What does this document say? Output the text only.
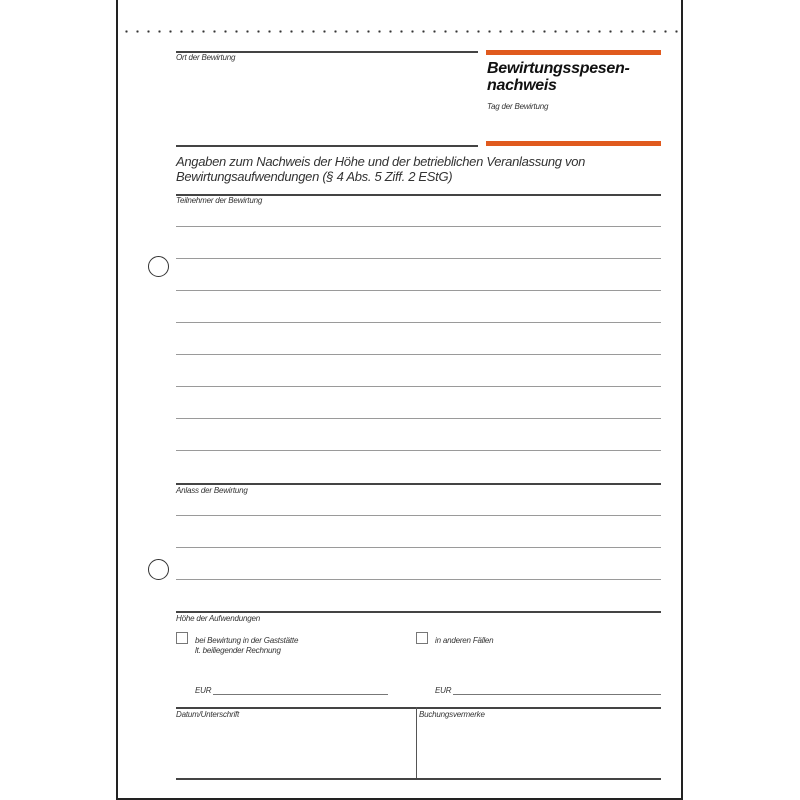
Ort der Bewirtung
Bewirtungsspesen-
nachweis
Tag der Bewirtung
Angaben zum Nachweis der Höhe und der betrieblichen Veranlassung von
Bewirtungsaufwendungen (§ 4 Abs. 5 Ziff. 2 EStG)
Teilnehmer der Bewirtung
Anlass der Bewirtung
Höhe der Aufwendungen
bei Bewirtung in der Gaststätte
lt. beiliegender Rechnung
in anderen Fällen
EUR	EUR
Datum/Unterschrift	Buchungsvermerke
